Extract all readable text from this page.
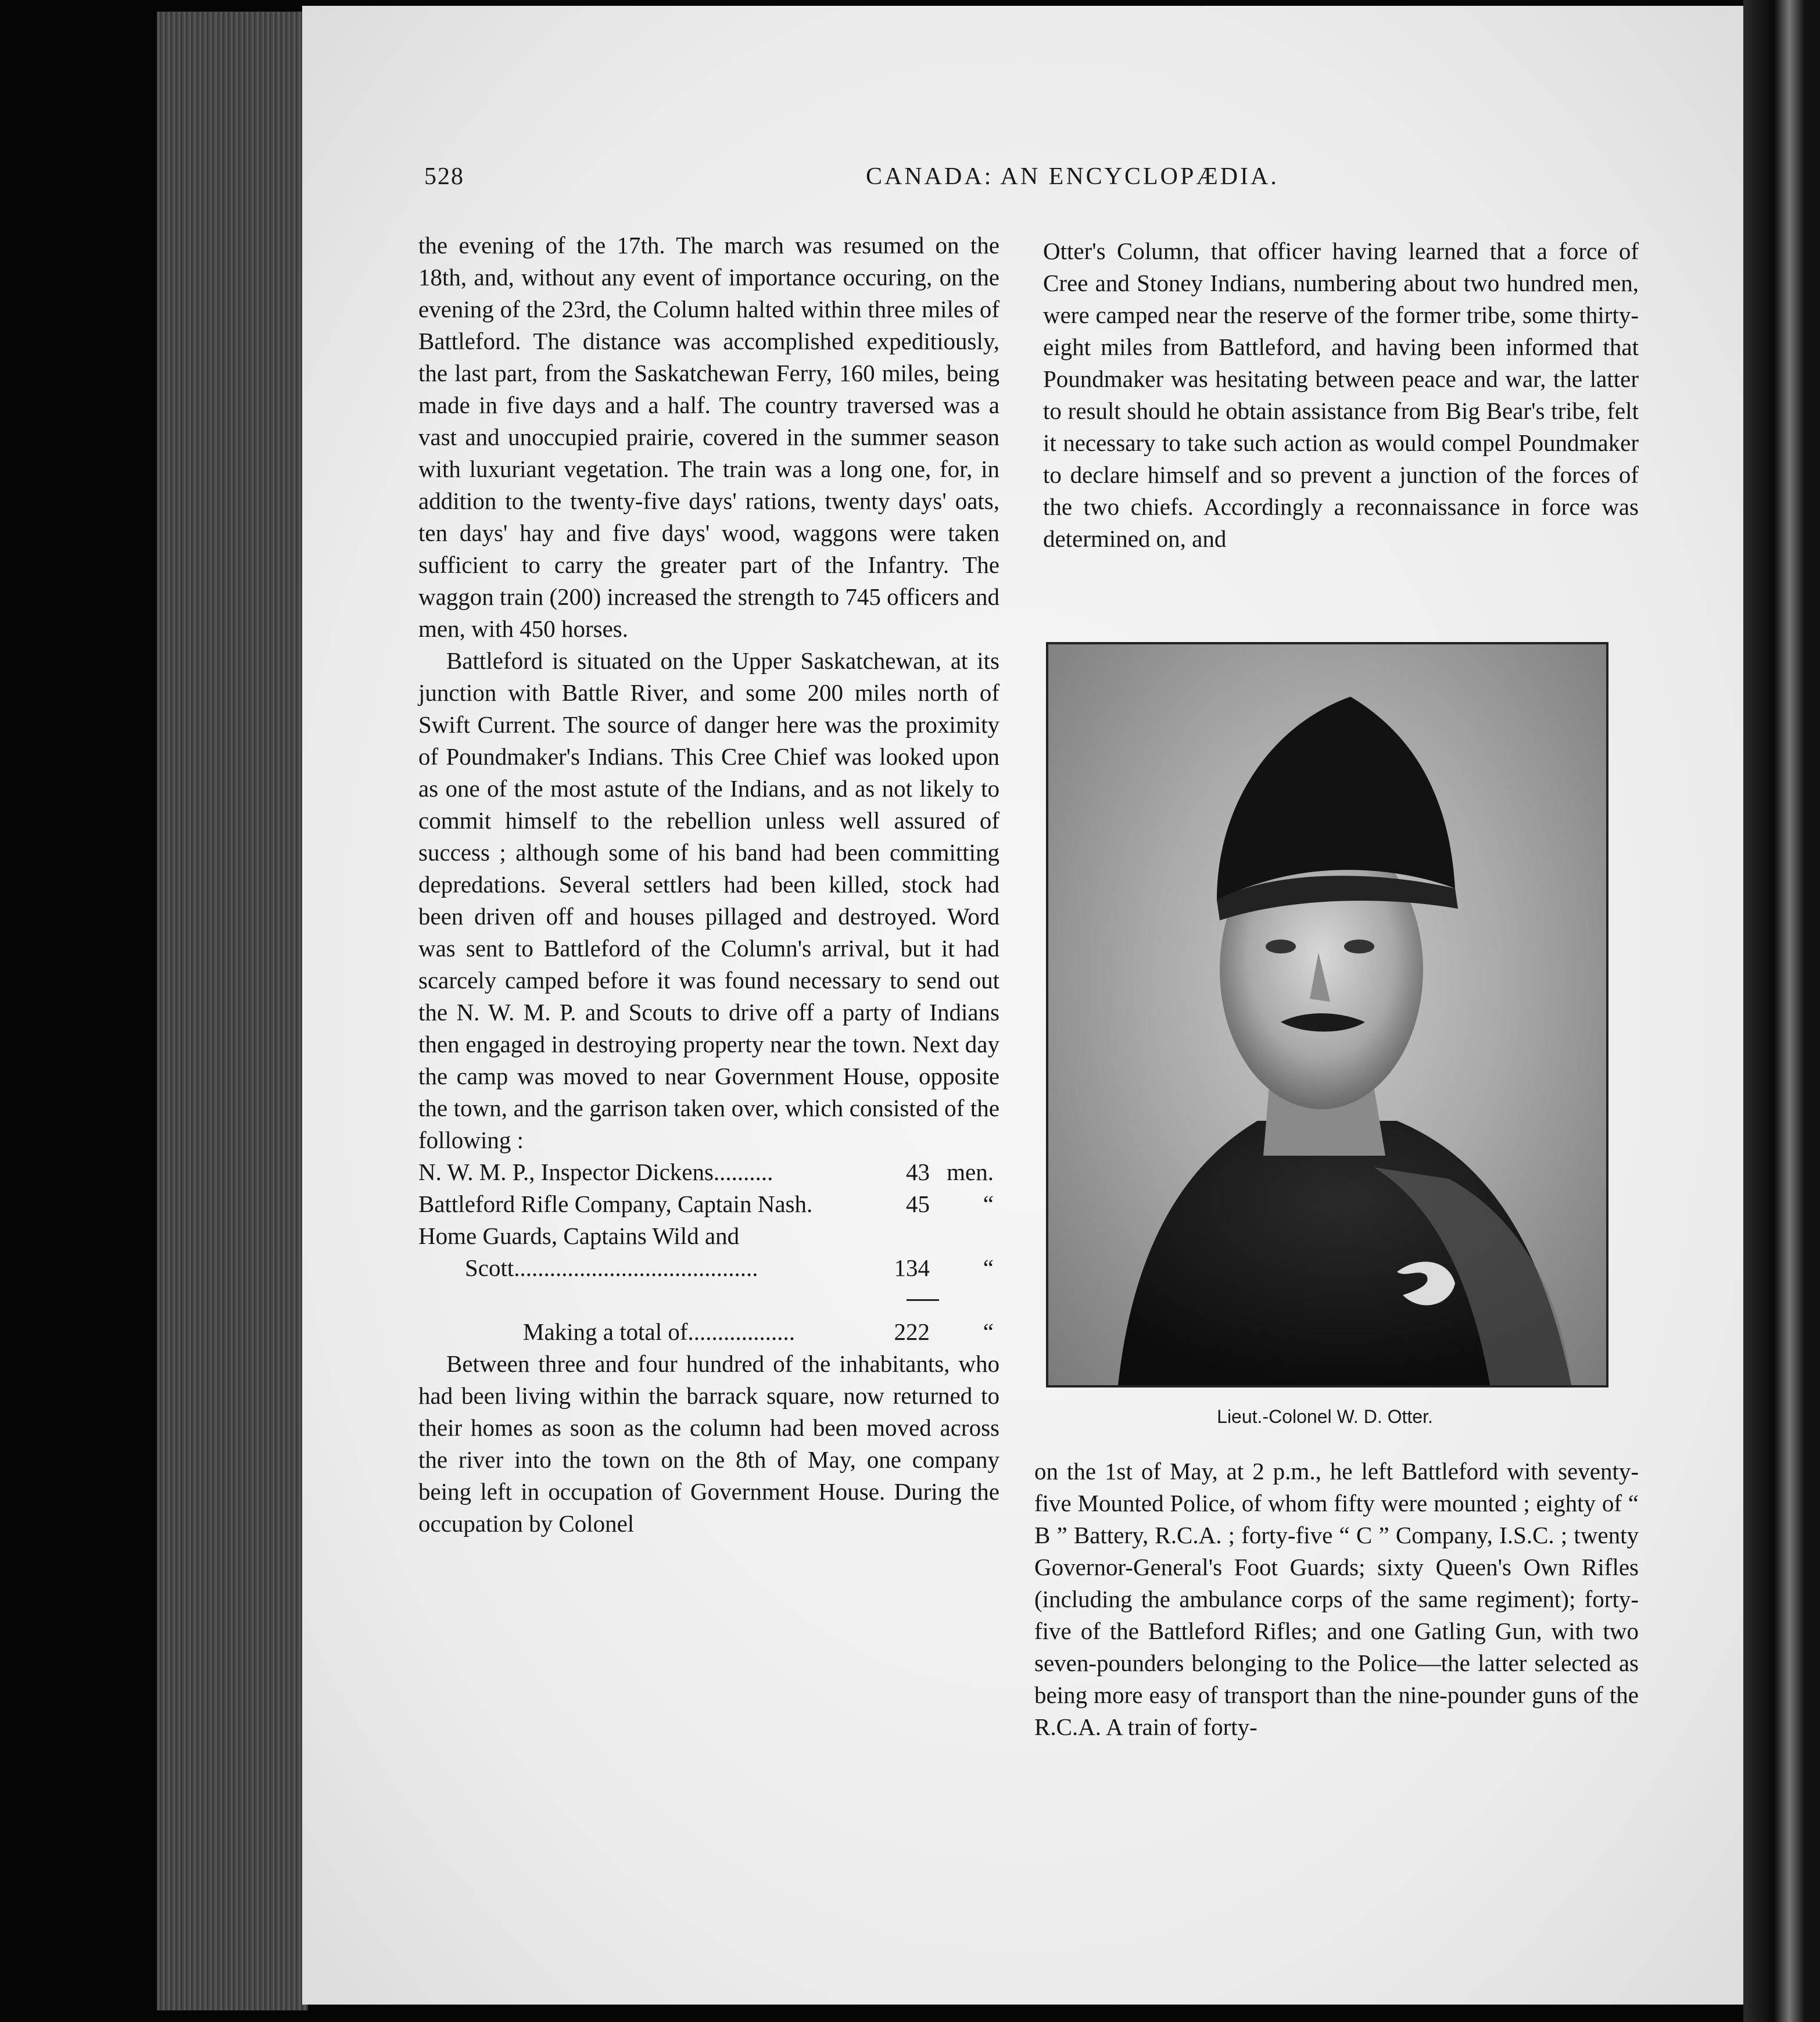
528	CANADA: AN ENCYCLOPÆDIA.

the evening of the 17th. The march was resumed on the 18th, and, without any event of importance occuring, on the evening of the 23rd, the Column halted within three miles of Battleford. The distance was accomplished expeditiously, the last part, from the Saskatchewan Ferry, 160 miles, being made in five days and a half. The country traversed was a vast and unoccupied prairie, covered in the summer season with luxuriant vegetation. The train was a long one, for, in addition to the twenty-five days' rations, twenty days' oats, ten days' hay and five days' wood, waggons were taken sufficient to carry the greater part of the Infantry. The waggon train (200) increased the strength to 745 officers and men, with 450 horses.

Battleford is situated on the Upper Saskatchewan, at its junction with Battle River, and some 200 miles north of Swift Current. The source of danger here was the proximity of Poundmaker's Indians. This Cree Chief was looked upon as one of the most astute of the Indians, and as not likely to commit himself to the rebellion unless well assured of success ; although some of his band had been committing depredations. Several settlers had been killed, stock had been driven off and houses pillaged and destroyed. Word was sent to Battleford of the Column's arrival, but it had scarcely camped before it was found necessary to send out the N. W. M. P. and Scouts to drive off a party of Indians then engaged in destroying property near the town. Next day the camp was moved to near Government House, opposite the town, and the garrison taken over, which consisted of the following :

N. W. M. P., Inspector Dickens..........	43 men.
Battleford Rifle Company, Captain Nash.	45	“
Home Guards, Captains Wild and
Scott.........................................	134	“
Making a total of..................	222	“

Between three and four hundred of the inhabitants, who had been living within the barrack square, now returned to their homes as soon as the column had been moved across the river into the town on the 8th of May, one company being left in occupation of Government House. During the occupation by Colonel

Otter's Column, that officer having learned that a force of Cree and Stoney Indians, numbering about two hundred men, were camped near the reserve of the former tribe, some thirty-eight miles from Battleford, and having been informed that Poundmaker was hesitating between peace and war, the latter to result should he obtain assistance from Big Bear's tribe, felt it necessary to take such action as would compel Poundmaker to declare himself and so prevent a junction of the forces of the two chiefs. Accordingly a reconnaissance in force was determined on, and

Lieut.-Colonel W. D. Otter.

on the 1st of May, at 2 p.m., he left Battleford with seventy-five Mounted Police, of whom fifty were mounted ; eighty of “ B ” Battery, R.C.A. ; forty-five “ C ” Company, I.S.C. ; twenty Governor-General's Foot Guards; sixty Queen's Own Rifles (including the ambulance corps of the same regiment); forty-five of the Battleford Rifles; and one Gatling Gun, with two seven-pounders belonging to the Police—the latter selected as being more easy of transport than the nine-pounder guns of the R.C.A. A train of forty-
